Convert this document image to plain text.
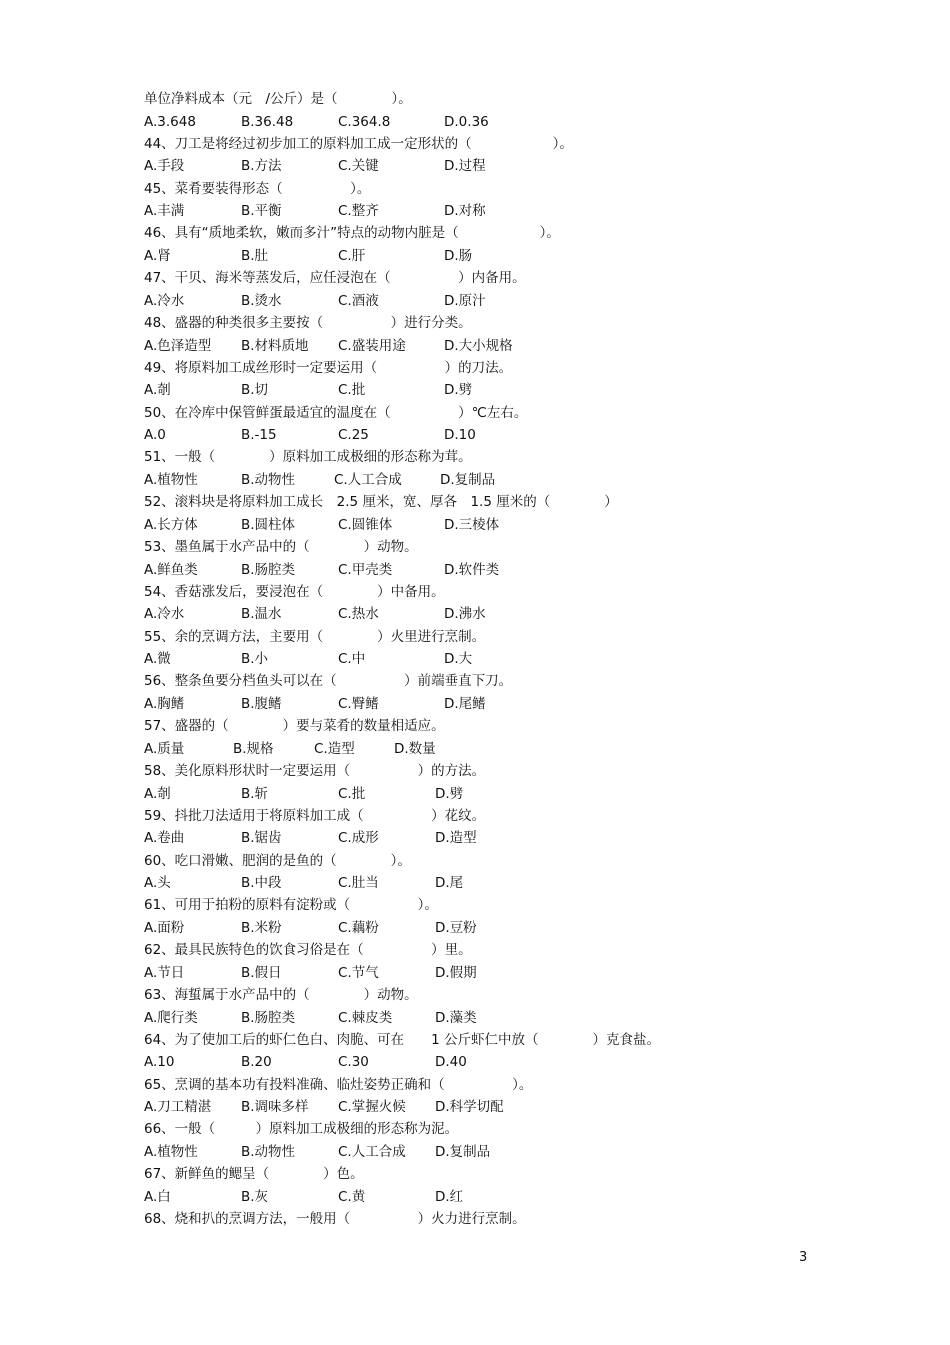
单位净料成本（元　/公斤）是（　　　　）。
A.3.648	B.36.48	C.364.8	D.0.36
44、刀工是将经过初步加工的原料加工成一定形状的（　　　　　　）。
A.手段	B.方法	C.关键	D.过程
45、菜肴要装得形态（　　　　　）。
A.丰满	B.平衡	C.整齐	D.对称
46、具有“质地柔软，嫩而多汁”特点的动物内脏是（　　　　　　）。
A.肾	B.肚	C.肝	D.肠
47、干贝、海米等蒸发后，应任浸泡在（　　　　　）内备用。
A.冷水	B.烫水	C.酒液	D.原汁
48、盛器的种类很多主要按（　　　　　）进行分类。
A.色泽造型 B.材料质地 C.盛装用途	D.大小规格
49、将原料加工成丝形时一定要运用（　　　　　）的刀法。
A.剞	B.切	C.批	D.劈
50、在冷库中保管鲜蛋最适宜的温度在（　　　　　）℃左右。
A.0	B.-15	C.25	D.10
51、一般（　　　　）原料加工成极细的形态称为茸。
A.植物性	B.动物性	C.人工合成	D.复制品
52、滚料块是将原料加工成长　2.5 厘米，宽、厚各　1.5 厘米的（　　　　）
A.长方体	B.圆柱体	C.圆锥体	D.三棱体
53、墨鱼属于水产品中的（　　　　）动物。
A.鲜鱼类	B.肠腔类	C.甲壳类	D.软件类
54、香菇涨发后，要浸泡在（　　　　）中备用。
A.冷水	B.温水	C.热水	D.沸水
55、余的烹调方法，主要用（　　　　）火里进行烹制。
A.微	B.小	C.中	D.大
56、整条鱼要分档鱼头可以在（　　　　　）前端垂直下刀。
A.胸鳍	B.腹鳍	C.臀鳍	D.尾鳍
57、盛器的（　　　　）要与菜肴的数量相适应。
A.质量	B.规格	C.造型	D.数量
58、美化原料形状时一定要运用（　　　　　）的方法。
A.剞	B.斩	C.批	D.劈
59、抖批刀法适用于将原料加工成（　　　　　）花纹。
A.卷曲	B.锯齿	C.成形	D.造型
60、吃口滑嫩、肥润的是鱼的（　　　　）。
A.头	B.中段	C.肚当	D.尾
61、可用于拍粉的原料有淀粉或（　　　　　）。
A.面粉	B.米粉	C.藕粉	D.豆粉
62、最具民族特色的饮食习俗是在（　　　　　）里。
A.节日	B.假日	C.节气	D.假期
63、海蜇属于水产品中的（　　　　）动物。
A.爬行类	B.肠腔类	C.棘皮类	D.藻类
64、为了使加工后的虾仁色白、肉脆、可在　　1 公斤虾仁中放（　　　　）克食盐。
A.10	B.20	C.30	D.40
65、烹调的基本功有投料准确、临灶姿势正确和（　　　　　）。
A.刀工精湛 B.调味多样 C.掌握火候 D.科学切配
66、一般（　　　）原料加工成极细的形态称为泥。
A.植物性	B.动物性	C.人工合成 D.复制品
67、新鲜鱼的鳃呈（　　　　）色。
A.白	B.灰	C.黄	D.红
68、烧和扒的烹调方法，一般用（　　　　　）火力进行烹制。
3
